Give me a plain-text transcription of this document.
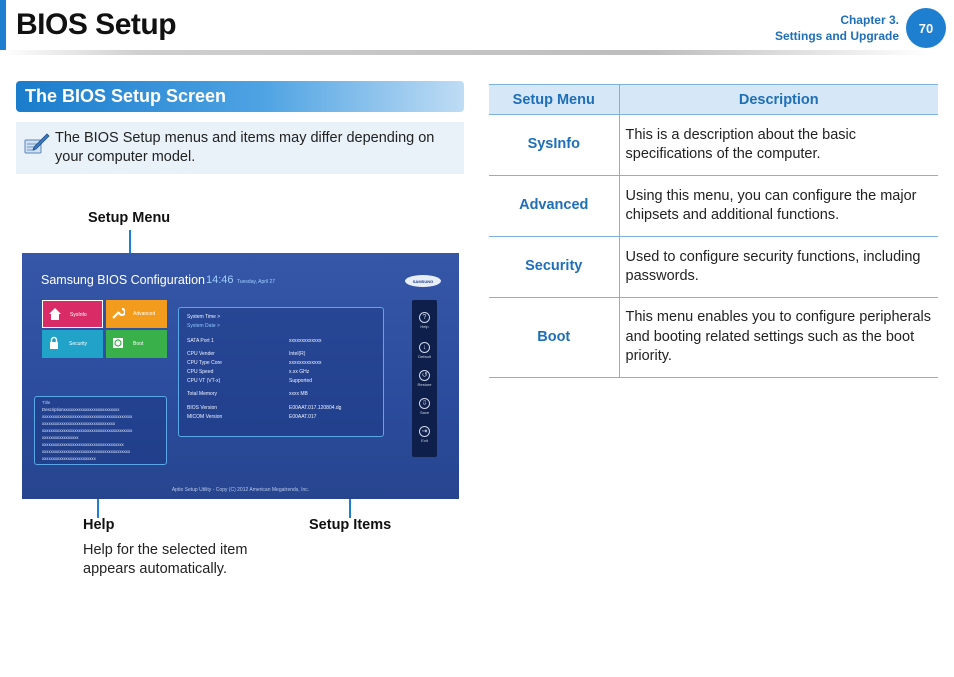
BIOS Setup	Chapter 3.
Settings and Upgrade
70
The BIOS Setup Screen
The BIOS Setup menus and items may differ depending on your computer model.
Setup Menu
Help
Help for the selected item appears automatically.
Setup Items
Samsung BIOS Configuration 14:46 Tuesday, April 27	SAMSUNG
SysInfo	Advanced
Security	Boot
Title
Descriptionxxxxxxxxxxxxxxxxxxxxxxxxxx
xxxxxxxxxxxxxxxxxxxxxxxxxxxxxxxxxxxxxxxxxx
xxxxxxxxxxxxxxxxxxxxxxxxxxxxxxxxxx
xxxxxxxxxxxxxxxxxxxxxxxxxxxxxxxxxxxxxxxxxx
xxxxxxxxxxxxxxxxx
xxxxxxxxxxxxxxxxxxxxxxxxxxxxxxxxxxxxxx
xxxxxxxxxxxxxxxxxxxxxxxxxxxxxxxxxxxxxxxxx
xxxxxxxxxxxxxxxxxxxxxxxxx
System Time >
System Date >
SATA Port 1	xxxxxxxxxxxxx
CPU Vender	Intel(R)
CPU Type Core	xxxxxxxxxxxxx
CPU Speed	x.xx GHz
CPU VT (VT-x)	Supported
Total Memory	xxxx MB
BIOS Version	E00AAT.017.120804.dg
MICOM Version	E00AAT.017
?
Help
↓
Default
↺
Restore
⇩
Save
⇥
Exit
Aptio Setup Utility - Copy (C) 2012 American Megatrends, Inc.
Setup Menu	Description
SysInfo	This is a description about the basic specifications of the computer.
Advanced	Using this menu, you can configure the major chipsets and additional functions.
Security	Used to configure security functions, including passwords.
Boot	This menu enables you to configure peripherals and booting related settings such as the boot priority.
